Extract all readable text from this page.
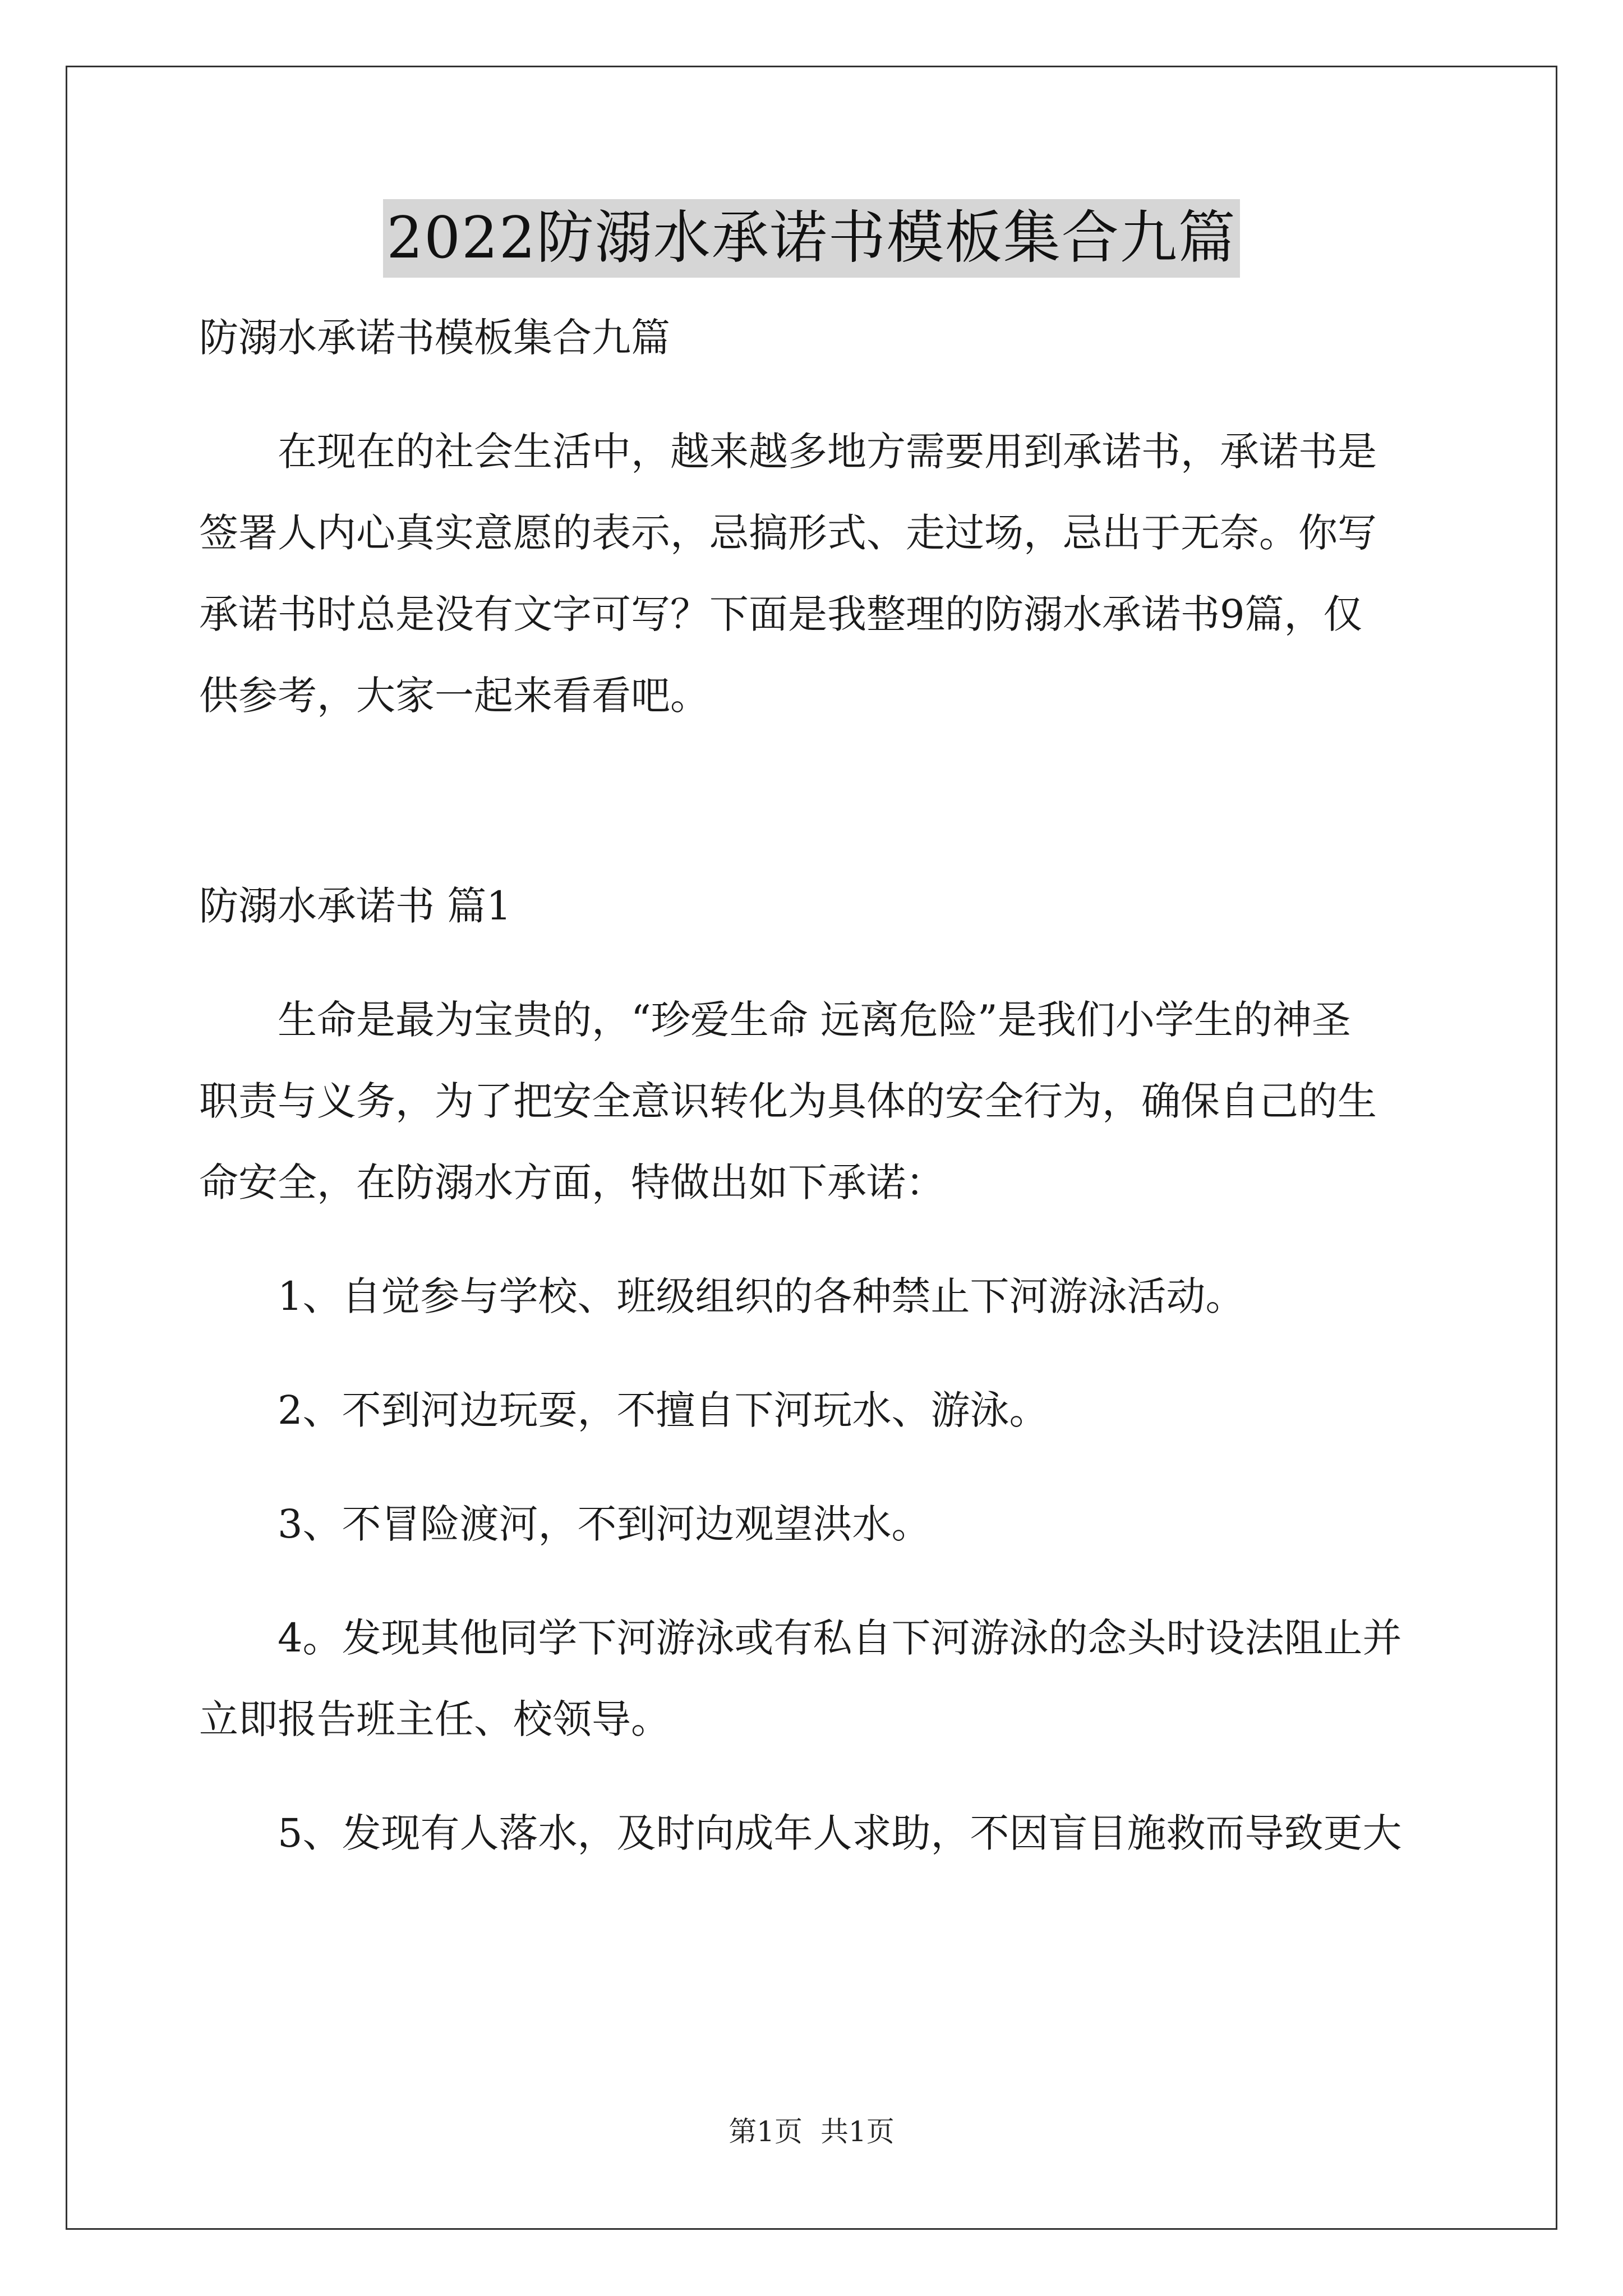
2022防溺水承诺书模板集合九篇

防溺水承诺书模板集合九篇

在现在的社会生活中，越来越多地方需要用到承诺书，承诺书是

签署人内心真实意愿的表示，忌搞形式、走过场，忌出于无奈。你写

承诺书时总是没有文字可写？下面是我整理的防溺水承诺书9篇，仅

供参考，大家一起来看看吧。

防溺水承诺书 篇1

生命是最为宝贵的，“珍爱生命 远离危险”是我们小学生的神圣

职责与义务，为了把安全意识转化为具体的安全行为，确保自己的生

命安全，在防溺水方面，特做出如下承诺：

1、自觉参与学校、班级组织的各种禁止下河游泳活动。

2、不到河边玩耍，不擅自下河玩水、游泳。

3、不冒险渡河，不到河边观望洪水。

4。发现其他同学下河游泳或有私自下河游泳的念头时设法阻止并

立即报告班主任、校领导。

5、发现有人落水，及时向成年人求助，不因盲目施救而导致更大

第1页 共1页
